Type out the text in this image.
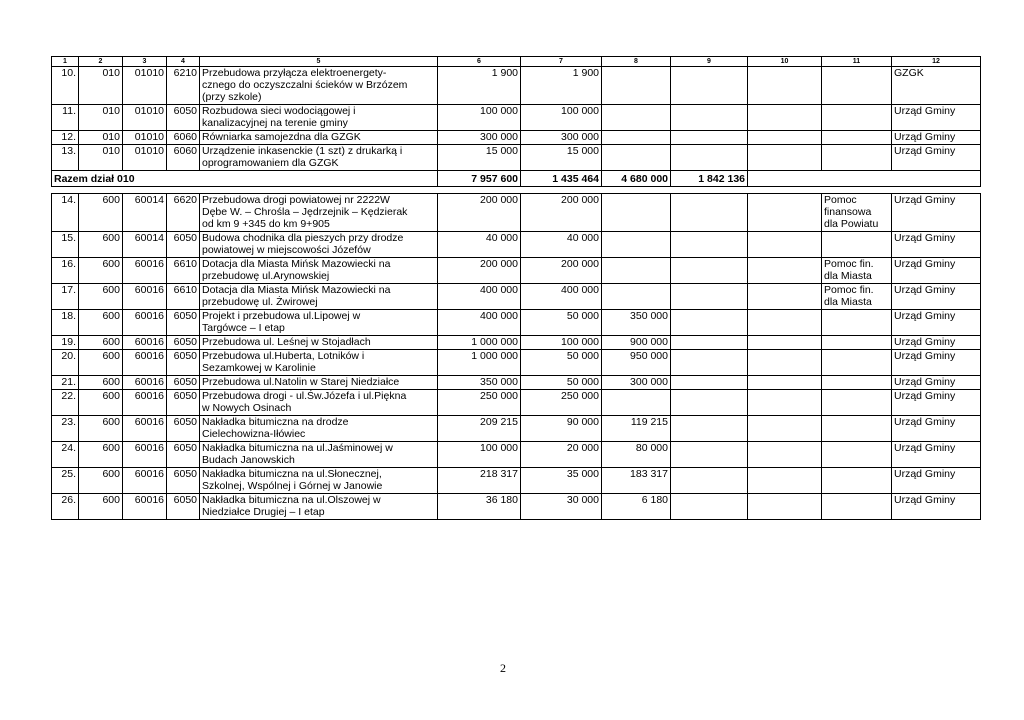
1	2	3	4	5	6	7	8	9	10	11	12
10.	010	01010	6210	Przebudowa przyłącza elektroenergety-
cznego do oczyszczalni ścieków w Brzózem
(przy szkole)	1 900	1 900					GZGK
11.	010	01010	6050	Rozbudowa sieci wodociągowej i
kanalizacyjnej na terenie gminy	100 000	100 000					Urząd Gminy
12.	010	01010	6060	Równiarka samojezdna dla GZGK	300 000	300 000					Urząd Gminy
13.	010	01010	6060	Urządzenie inkasenckie (1 szt) z drukarką i
oprogramowaniem dla GZGK	15 000	15 000					Urząd Gminy
Razem dział 010					7 957 600	1 435 464	4 680 000	1 842 136			

14.	600	60014	6620	Przebudowa drogi powiatowej nr 2222W
Dębe W. – Chrośla – Jędrzejnik – Kędzierak
od km 9 +345 do km 9+905	200 000	200 000				Pomoc
finansowa
dla Powiatu	Urząd Gminy
15.	600	60014	6050	Budowa chodnika dla pieszych przy drodze
powiatowej w miejscowości Józefów	40 000	40 000					Urząd Gminy
16.	600	60016	6610	Dotacja dla Miasta Mińsk Mazowiecki na
przebudowę ul.Arynowskiej	200 000	200 000				Pomoc fin.
dla Miasta	Urząd Gminy
17.	600	60016	6610	Dotacja dla Miasta Mińsk Mazowiecki na
przebudowę ul. Żwirowej	400 000	400 000				Pomoc fin.
dla Miasta	Urząd Gminy
18.	600	60016	6050	Projekt i przebudowa ul.Lipowej w
Targówce – I etap	400 000	50 000	350 000				Urząd Gminy
19.	600	60016	6050	Przebudowa ul. Leśnej w Stojadłach	1 000 000	100 000	900 000				Urząd Gminy
20.	600	60016	6050	Przebudowa ul.Huberta, Lotników i
Sezamkowej w Karolinie	1 000 000	50 000	950 000				Urząd Gminy
21.	600	60016	6050	Przebudowa ul.Natolin w Starej Niedziałce	350 000	50 000	300 000				Urząd Gminy
22.	600	60016	6050	Przebudowa drogi - ul.Św.Józefa i ul.Piękna
w Nowych Osinach	250 000	250 000					Urząd Gminy
23.	600	60016	6050	Nakładka bitumiczna na drodze
Cielechowizna-Iłówiec	209 215	90 000	119 215				Urząd Gminy
24.	600	60016	6050	Nakładka bitumiczna na ul.Jaśminowej w
Budach Janowskich	100 000	20 000	80 000				Urząd Gminy
25.	600	60016	6050	Nakładka bitumiczna na ul.Słonecznej,
Szkolnej, Wspólnej i Górnej w Janowie	218 317	35 000	183 317				Urząd Gminy
26.	600	60016	6050	Nakładka bitumiczna na ul.Olszowej w
Niedziałce Drugiej – I etap	36 180	30 000	6 180				Urząd Gminy
2
